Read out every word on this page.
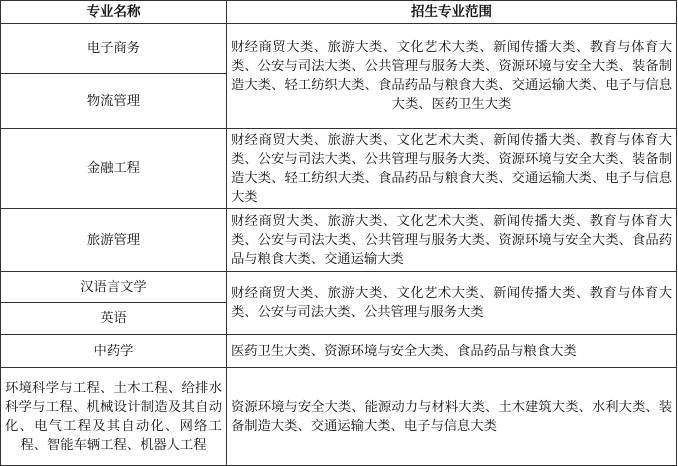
专业名称	招生专业范围
电子商务	财经商贸大类、旅游大类、文化艺术大类、新闻传播大类、教育与体育大类、公安与司法大类、公共管理与服务大类、资源环境与安全大类、装备制造大类、轻工纺织大类、食品药品与粮食大类、交通运输大类、电子与信息大类、医药卫生大类

物流管理	
金融工程	财经商贸大类、旅游大类、文化艺术大类、新闻传播大类、教育与体育大类、公安与司法大类、公共管理与服务大类、资源环境与安全大类、装备制造大类、轻工纺织大类、食品药品与粮食大类、交通运输大类、电子与信息大类

旅游管理	财经商贸大类、旅游大类、文化艺术大类、新闻传播大类、教育与体育大类、公安与司法大类、公共管理与服务大类、资源环境与安全大类、食品药品与粮食大类、交通运输大类

汉语言文学	财经商贸大类、旅游大类、文化艺术大类、新闻传播大类、教育与体育大类、公安与司法大类、公共管理与服务大类

英语	
中药学	医药卫生大类、资源环境与安全大类、食品药品与粮食大类

环境科学与工程、土木工程、给排水科学与工程、机械设计制造及其自动化、电气工程及其自动化、网络工程、智能车辆工程、机器人工程	资源环境与安全大类、能源动力与材料大类、土木建筑大类、水利大类、装备制造大类、交通运输大类、电子与信息大类
